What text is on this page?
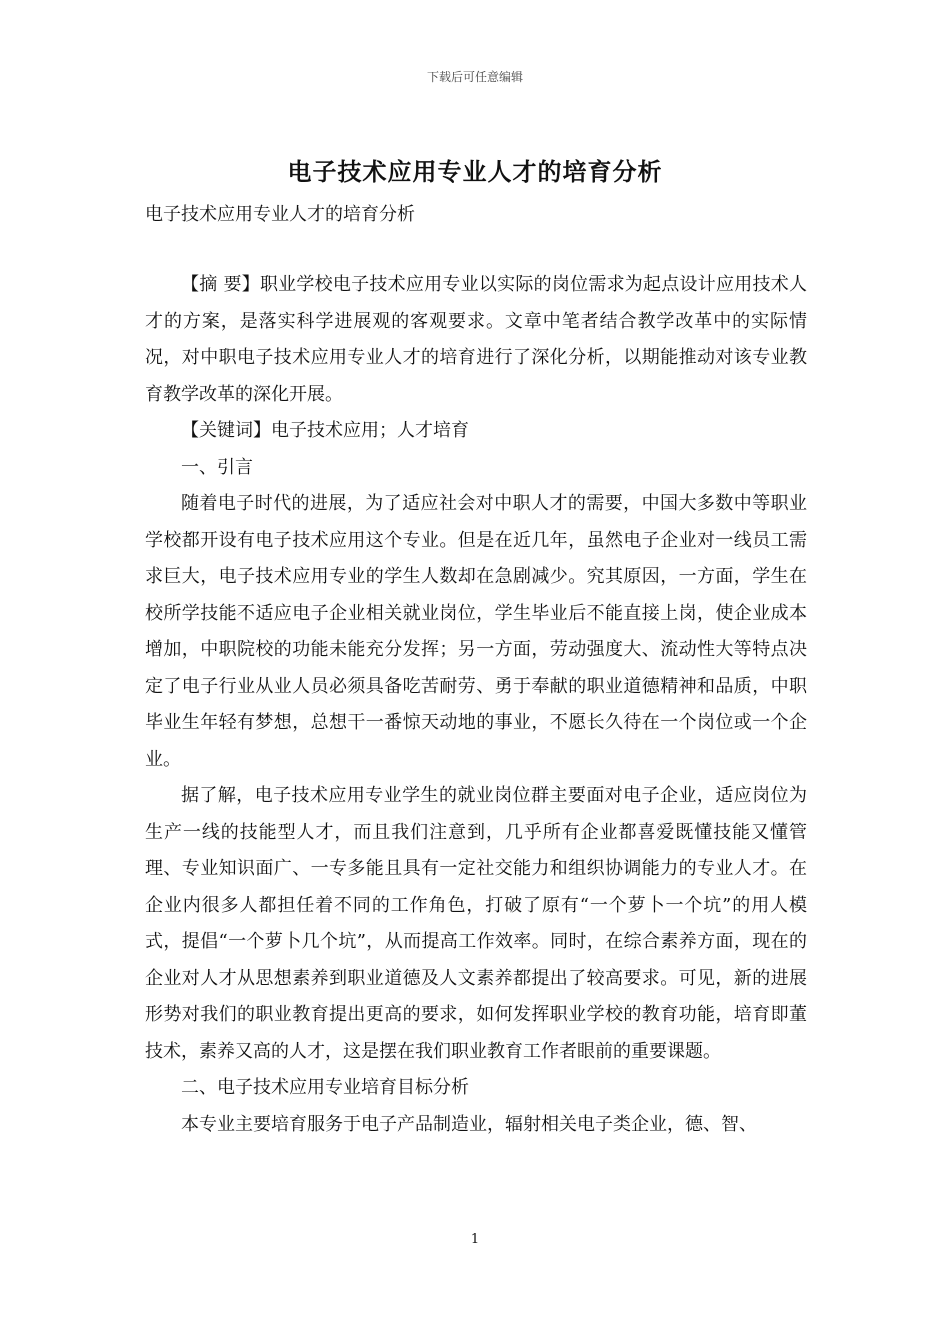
下载后可任意编辑
电子技术应用专业人才的培育分析
电子技术应用专业人才的培育分析

【摘 要】职业学校电子技术应用专业以实际的岗位需求为起点设计应用技术人才的方案，是落实科学进展观的客观要求。文章中笔者结合教学改革中的实际情况，对中职电子技术应用专业人才的培育进行了深化分析，以期能推动对该专业教育教学改革的深化开展。

【关键词】电子技术应用；人才培育

一、引言

随着电子时代的进展，为了适应社会对中职人才的需要，中国大多数中等职业学校都开设有电子技术应用这个专业。但是在近几年，虽然电子企业对一线员工需求巨大，电子技术应用专业的学生人数却在急剧减少。究其原因，一方面，学生在校所学技能不适应电子企业相关就业岗位，学生毕业后不能直接上岗，使企业成本增加，中职院校的功能未能充分发挥；另一方面，劳动强度大、流动性大等特点决定了电子行业从业人员必须具备吃苦耐劳、勇于奉献的职业道德精神和品质，中职毕业生年轻有梦想，总想干一番惊天动地的事业，不愿长久待在一个岗位或一个企业。

据了解，电子技术应用专业学生的就业岗位群主要面对电子企业，适应岗位为生产一线的技能型人才，而且我们注意到，几乎所有企业都喜爱既懂技能又懂管理、专业知识面广、一专多能且具有一定社交能力和组织协调能力的专业人才。在企业内很多人都担任着不同的工作角色，打破了原有“一个萝卜一个坑”的用人模式，提倡“一个萝卜几个坑”，从而提高工作效率。同时，在综合素养方面，现在的企业对人才从思想素养到职业道德及人文素养都提出了较高要求。可见，新的进展形势对我们的职业教育提出更高的要求，如何发挥职业学校的教育功能，培育即董技术，素养又高的人才，这是摆在我们职业教育工作者眼前的重要课题。

二、电子技术应用专业培育目标分析

本专业主要培育服务于电子产品制造业，辐射相关电子类企业，德、智、

1
